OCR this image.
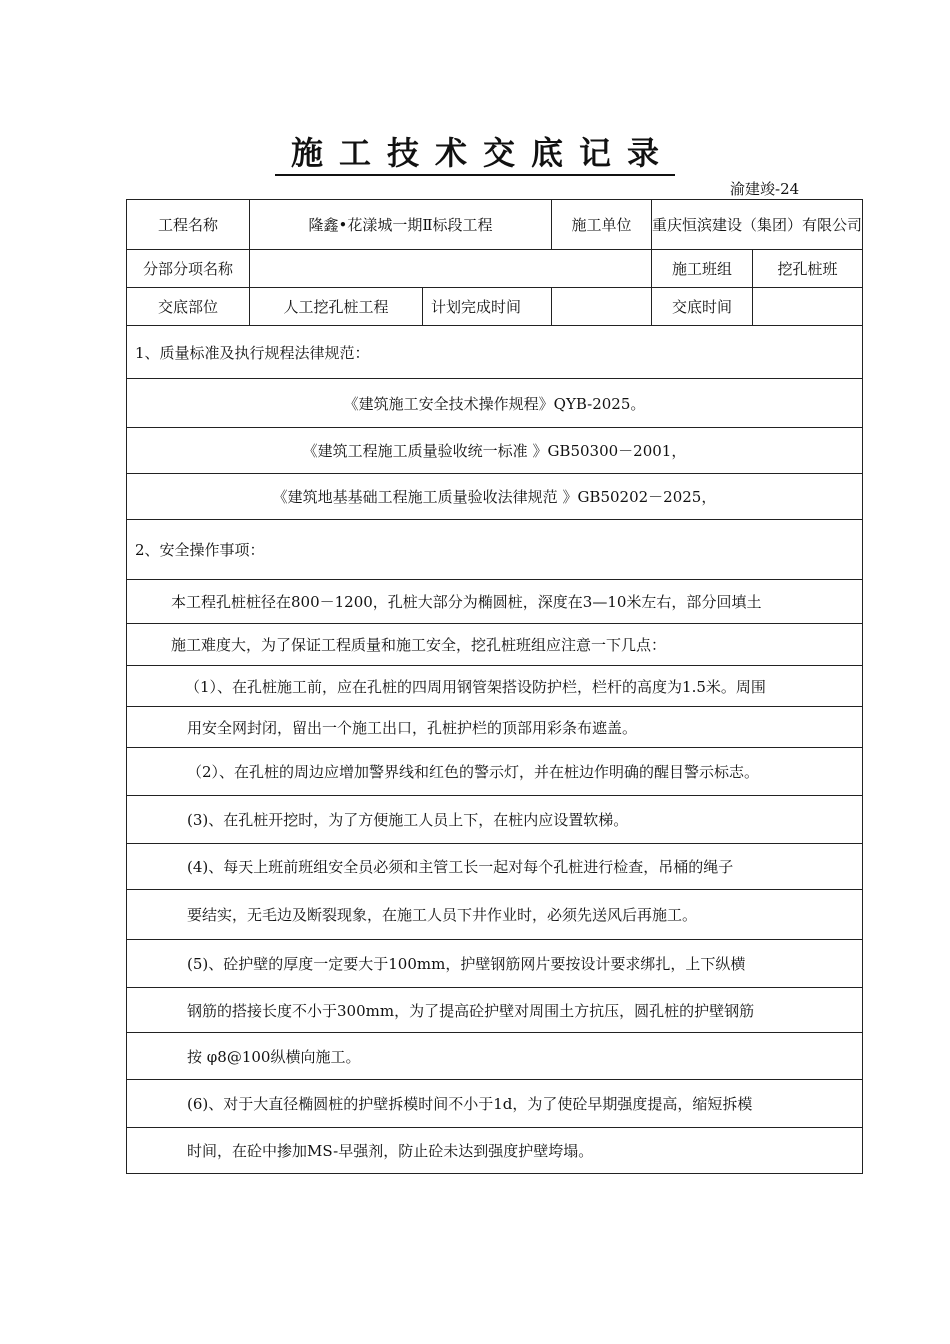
施工技术交底记录
渝建竣-24
工程名称	隆鑫•花漾城一期Ⅱ标段工程		施工单位	重庆恒滨建设（集团）有限公司	
分部分项名称				施工班组	挖孔桩班
交底部位	人工挖孔桩工程	计划完成时间		交底时间	
1、质量标准及执行规程法律规范：					
《建筑施工安全技术操作规程》QYB-2025。					
《建筑工程施工质量验收统一标准 》GB50300－2001，					
《建筑地基基础工程施工质量验收法律规范 》GB50202－2025，					
2、安全操作事项：					
本工程孔桩桩径在800－1200，孔桩大部分为椭圆桩，深度在3—10米左右，部分回填土					
施工难度大，为了保证工程质量和施工安全，挖孔桩班组应注意一下几点：					
（1）、在孔桩施工前，应在孔桩的四周用钢管架搭设防护栏，栏杆的高度为1.5米。周围					
用安全网封闭，留出一个施工出口，孔桩护栏的顶部用彩条布遮盖。					
（2）、在孔桩的周边应增加警界线和红色的警示灯，并在桩边作明确的醒目警示标志。					
(3)、在孔桩开挖时，为了方便施工人员上下，在桩内应设置软梯。					
(4)、每天上班前班组安全员必须和主管工长一起对每个孔桩进行检查，吊桶的绳子					
要结实，无毛边及断裂现象，在施工人员下井作业时，必须先送风后再施工。					
(5)、砼护壁的厚度一定要大于100mm，护壁钢筋网片要按设计要求绑扎，上下纵横					
钢筋的搭接长度不小于300mm，为了提高砼护壁对周围土方抗压，圆孔桩的护壁钢筋					
按 φ8@100纵横向施工。					
(6)、对于大直径椭圆桩的护壁拆模时间不小于1d，为了使砼早期强度提高，缩短拆模					
时间，在砼中掺加MS-早强剂，防止砼未达到强度护壁垮塌。					
